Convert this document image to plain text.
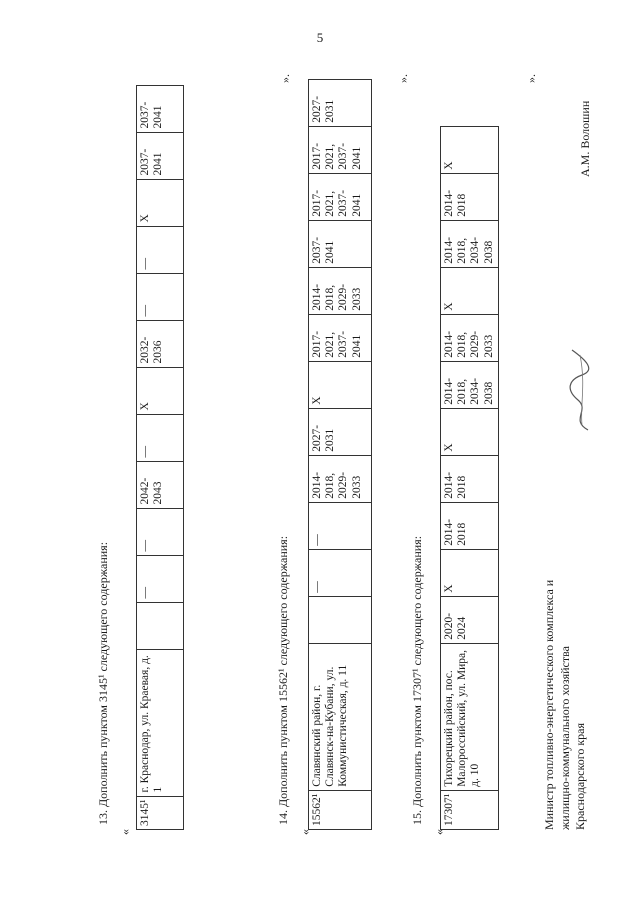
5
13. Дополнить пунктом 3145¹ следующего содержания:
«
3145¹	г. Краснодар, ул. Краевая, д. 1		—	—	2042-2043	—	Х	2032-2036	—	—	Х	2037-2041	2037-2041
».
14. Дополнить пунктом 15562¹ следующего содержания:
«
15562¹	Славянский район, г. Славянск-на-Кубани, ул. Коммунистическая, д. 11		—	—	2014-2018, 2029-2033	2027-2031	Х	2017-2021, 2037-2041	2014-2018, 2029-2033	2037-2041	2017-2021, 2037-2041	2017-2021, 2037-2041	2027-2031
».
15. Дополнить пунктом 17307¹ следующего содержания:
«
17307¹	Тихорецкий район, пос. Малороссийский, ул. Мира, д. 10	2020-2024	Х	2014-2018	2014-2018	Х	2014-2018, 2034-2038	2014-2018, 2029-2033	Х	2014-2018, 2034-2038	2014-2018	Х
».
Министр топливно-энергетического комплекса и жилищно-коммунального хозяйства Краснодарского края
А.М. Волошин
